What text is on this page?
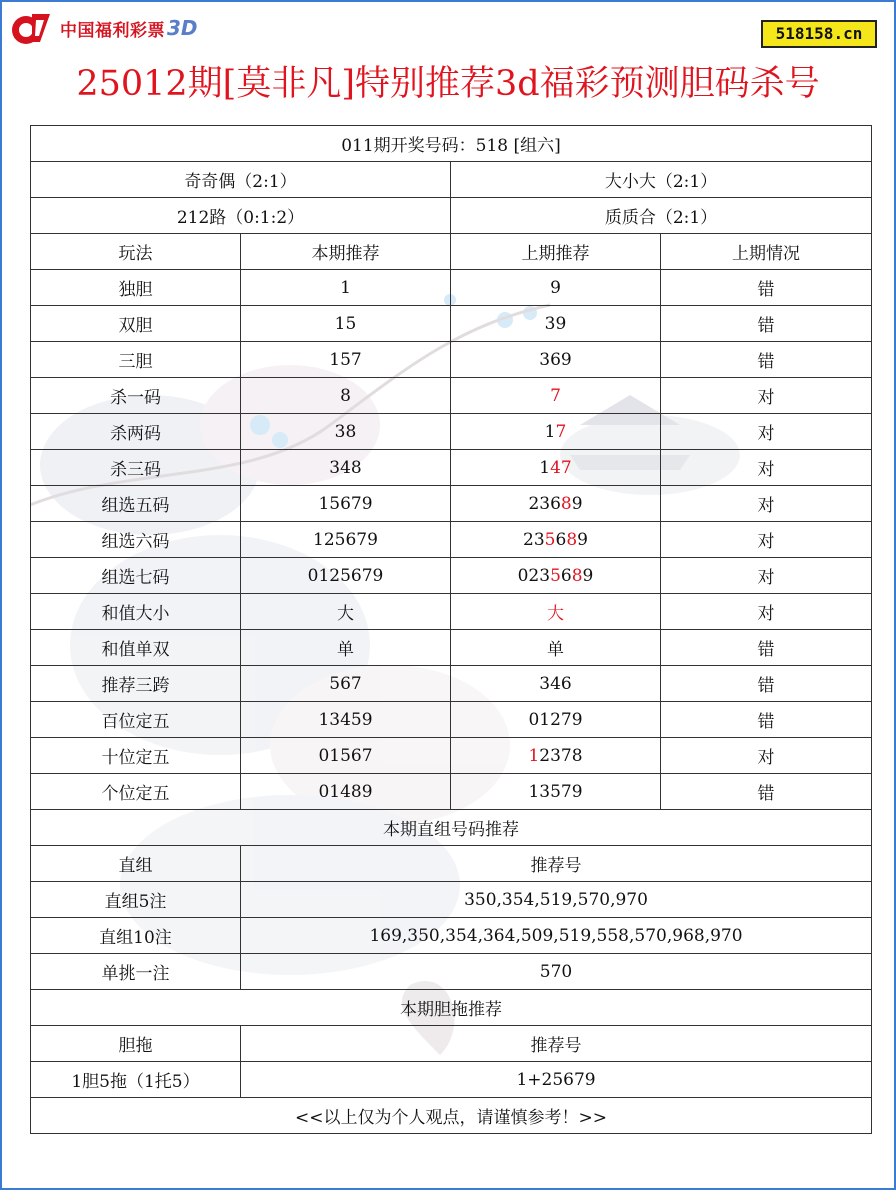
中国福利彩票 3D	518158.cn
25012期[莫非凡]特别推荐3d福彩预测胆码杀号
011期开奖号码：518 [组六]			
奇奇偶（2:1）		大小大（2:1）	
212路（0:1:2）		质质合（2:1）	
玩法	本期推荐	上期推荐	上期情况
独胆	1	9	错
双胆	15	39	错
三胆	157	369	错
杀一码	8	7	对
杀两码	38	17	对
杀三码	348	147	对
组选五码	15679	23689	对
组选六码	125679	235689	对
组选七码	0125679	0235689	对
和值大小	大	大	对
和值单双	单	单	错
推荐三跨	567	346	错
百位定五	13459	01279	错
十位定五	01567	12378	对
个位定五	01489	13579	错
本期直组号码推荐			
直组	推荐号		
直组5注	350,354,519,570,970		
直组10注	169,350,354,364,509,519,558,570,968,970		
单挑一注	570		
本期胆拖推荐			
胆拖	推荐号		
1胆5拖（1托5）	1+25679		
<<以上仅为个人观点，请谨慎参考！>>			
